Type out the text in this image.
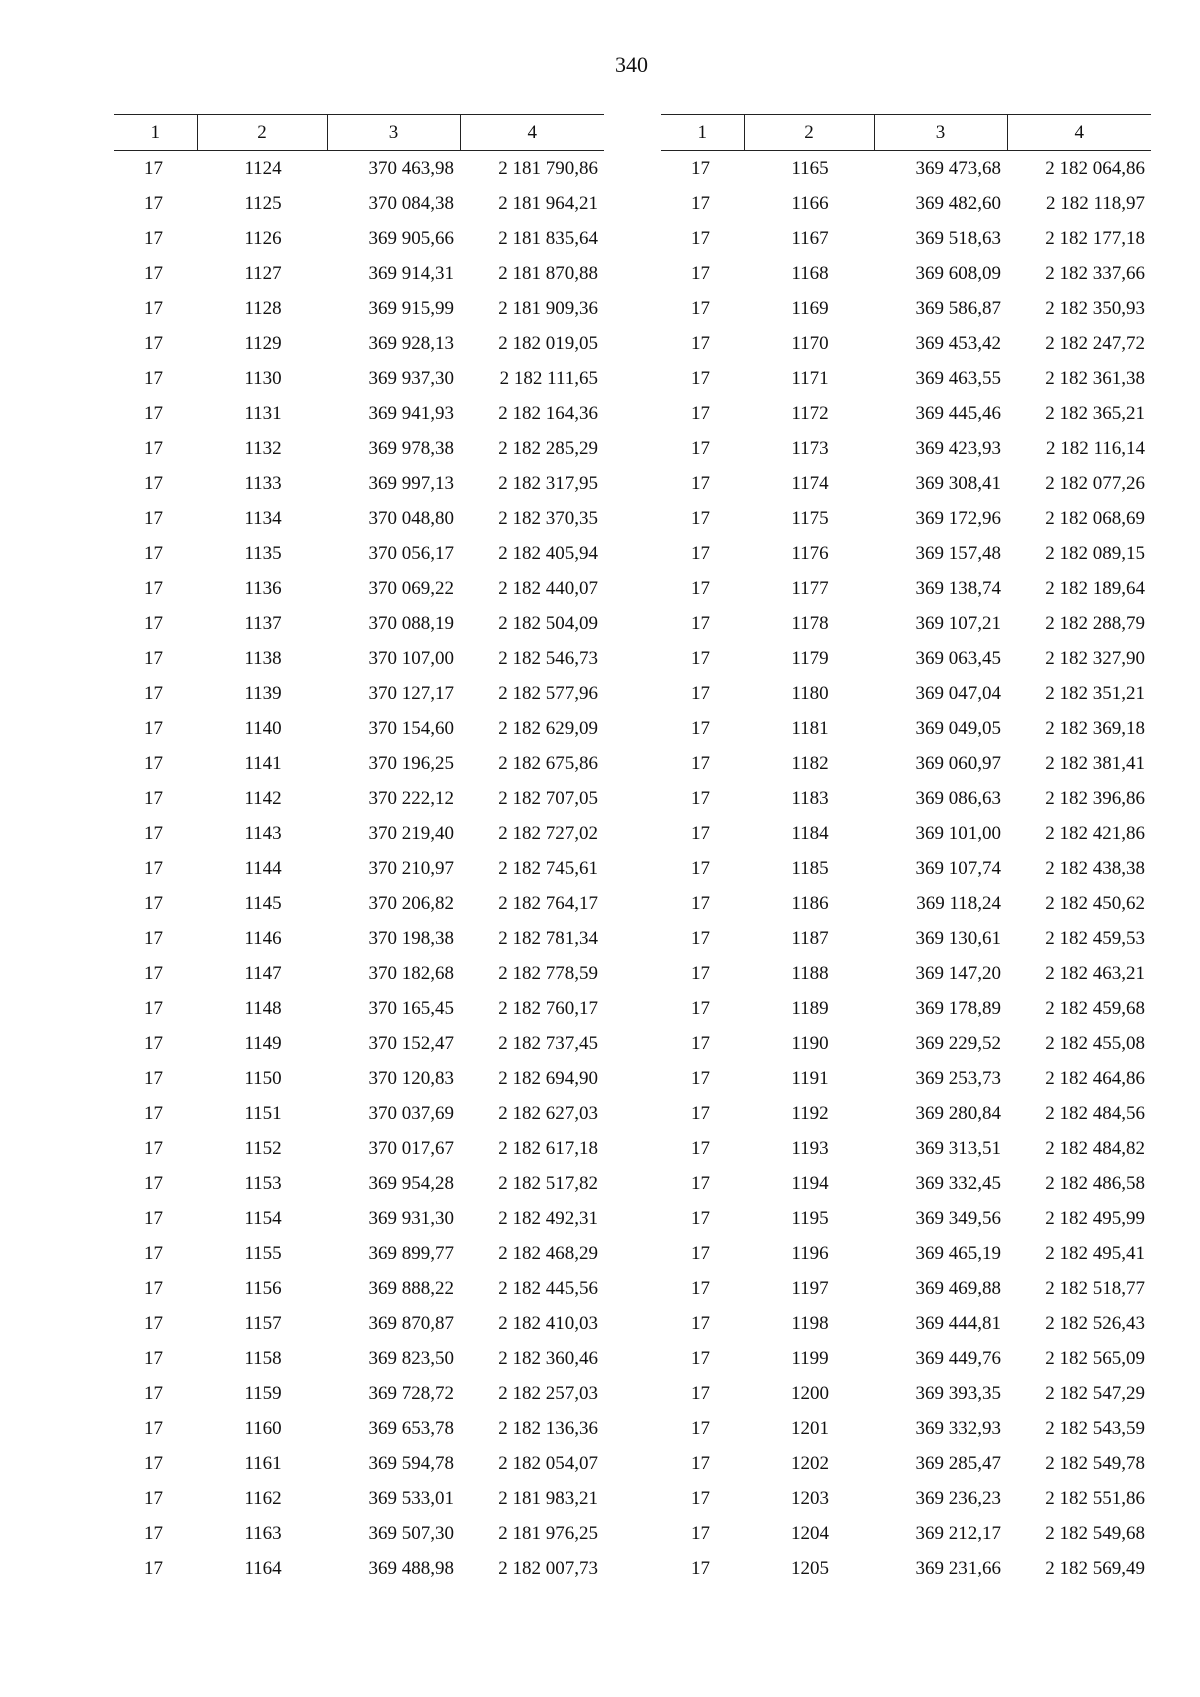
340
1	2	3	4
17	1124	370 463,98	2 181 790,86
17	1125	370 084,38	2 181 964,21
17	1126	369 905,66	2 181 835,64
17	1127	369 914,31	2 181 870,88
17	1128	369 915,99	2 181 909,36
17	1129	369 928,13	2 182 019,05
17	1130	369 937,30	2 182 111,65
17	1131	369 941,93	2 182 164,36
17	1132	369 978,38	2 182 285,29
17	1133	369 997,13	2 182 317,95
17	1134	370 048,80	2 182 370,35
17	1135	370 056,17	2 182 405,94
17	1136	370 069,22	2 182 440,07
17	1137	370 088,19	2 182 504,09
17	1138	370 107,00	2 182 546,73
17	1139	370 127,17	2 182 577,96
17	1140	370 154,60	2 182 629,09
17	1141	370 196,25	2 182 675,86
17	1142	370 222,12	2 182 707,05
17	1143	370 219,40	2 182 727,02
17	1144	370 210,97	2 182 745,61
17	1145	370 206,82	2 182 764,17
17	1146	370 198,38	2 182 781,34
17	1147	370 182,68	2 182 778,59
17	1148	370 165,45	2 182 760,17
17	1149	370 152,47	2 182 737,45
17	1150	370 120,83	2 182 694,90
17	1151	370 037,69	2 182 627,03
17	1152	370 017,67	2 182 617,18
17	1153	369 954,28	2 182 517,82
17	1154	369 931,30	2 182 492,31
17	1155	369 899,77	2 182 468,29
17	1156	369 888,22	2 182 445,56
17	1157	369 870,87	2 182 410,03
17	1158	369 823,50	2 182 360,46
17	1159	369 728,72	2 182 257,03
17	1160	369 653,78	2 182 136,36
17	1161	369 594,78	2 182 054,07
17	1162	369 533,01	2 181 983,21
17	1163	369 507,30	2 181 976,25
17	1164	369 488,98	2 182 007,73
1	2	3	4
17	1165	369 473,68	2 182 064,86
17	1166	369 482,60	2 182 118,97
17	1167	369 518,63	2 182 177,18
17	1168	369 608,09	2 182 337,66
17	1169	369 586,87	2 182 350,93
17	1170	369 453,42	2 182 247,72
17	1171	369 463,55	2 182 361,38
17	1172	369 445,46	2 182 365,21
17	1173	369 423,93	2 182 116,14
17	1174	369 308,41	2 182 077,26
17	1175	369 172,96	2 182 068,69
17	1176	369 157,48	2 182 089,15
17	1177	369 138,74	2 182 189,64
17	1178	369 107,21	2 182 288,79
17	1179	369 063,45	2 182 327,90
17	1180	369 047,04	2 182 351,21
17	1181	369 049,05	2 182 369,18
17	1182	369 060,97	2 182 381,41
17	1183	369 086,63	2 182 396,86
17	1184	369 101,00	2 182 421,86
17	1185	369 107,74	2 182 438,38
17	1186	369 118,24	2 182 450,62
17	1187	369 130,61	2 182 459,53
17	1188	369 147,20	2 182 463,21
17	1189	369 178,89	2 182 459,68
17	1190	369 229,52	2 182 455,08
17	1191	369 253,73	2 182 464,86
17	1192	369 280,84	2 182 484,56
17	1193	369 313,51	2 182 484,82
17	1194	369 332,45	2 182 486,58
17	1195	369 349,56	2 182 495,99
17	1196	369 465,19	2 182 495,41
17	1197	369 469,88	2 182 518,77
17	1198	369 444,81	2 182 526,43
17	1199	369 449,76	2 182 565,09
17	1200	369 393,35	2 182 547,29
17	1201	369 332,93	2 182 543,59
17	1202	369 285,47	2 182 549,78
17	1203	369 236,23	2 182 551,86
17	1204	369 212,17	2 182 549,68
17	1205	369 231,66	2 182 569,49
